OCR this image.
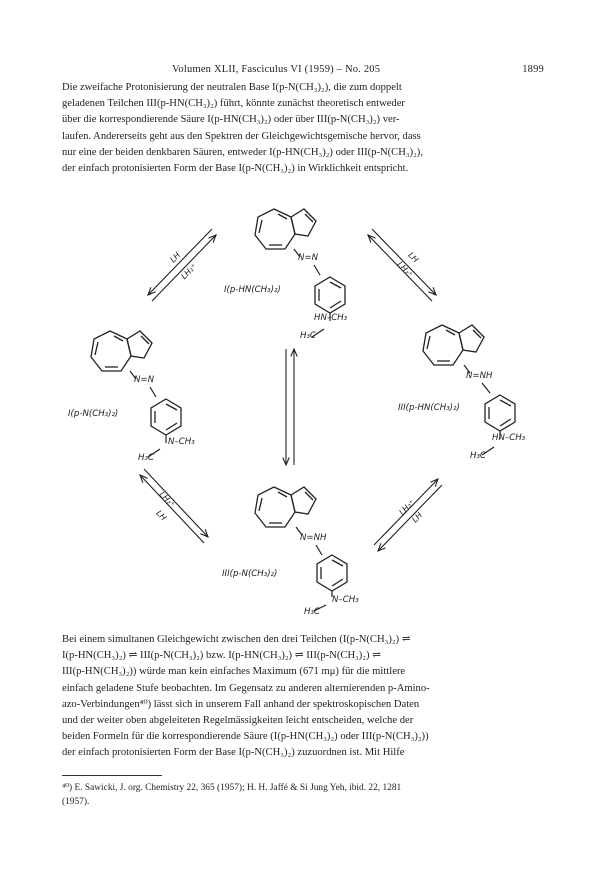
Volumen XLII, Fasciculus VI (1959) – No. 205	1899
Die zweifache Protonisierung der neutralen Base I(p-N(CH₃)₂), die zum doppelt
geladenen Teilchen III(p-HN(CH₃)₂) führt, könnte zunächst theoretisch entweder
über die korrespondierende Säure I(p-HN(CH₃)₂) oder über III(p-N(CH₃)₂) ver-
laufen. Andererseits geht aus den Spektren der Gleichgewichtsgemische hervor, dass
nur eine der beiden denkbaren Säuren, entweder I(p-HN(CH₃)₂) oder III(p-N(CH₃)₂),
der einfach protonisierten Form der Base I(p-N(CH₃)₂) in Wirklichkeit entspricht.
N=N
HN–CH₃
H₃C
I(p-HN(CH₃)₂)
N=N
N–CH₃
H₃C
I(p-N(CH₃)₂)
N=NH
HN–CH₃
H₃C
III(p-HN(CH₃)₂)
N=NH
N–CH₃
H₃C
III(p-N(CH₃)₂)
LH
LH₂⁺
LH
LH₂⁺
LH₂⁺
LH	LH₂⁺
LH
Bei einem simultanen Gleichgewicht zwischen den drei Teilchen (I(p-N(CH₃)₂) ⇌
I(p-HN(CH₃)₂) ⇌ III(p-N(CH₃)₂) bzw. I(p-HN(CH₃)₂) ⇌ III(p-N(CH₃)₂) ⇌
III(p-HN(CH₃)₂)) würde man kein einfaches Maximum (671 mμ) für die mittlere
einfach geladene Stufe beobachten. Im Gegensatz zu anderen alternierenden p-Amino-
azo-Verbindungen⁴⁰) lässt sich in unserem Fall anhand der spektroskopischen Daten
und der weiter oben abgeleiteten Regelmässigkeiten leicht entscheiden, welche der
beiden Formeln für die korrespondierende Säure (I(p-HN(CH₃)₂) oder III(p-N(CH₃)₂))
der einfach protonisierten Form der Base I(p-N(CH₃)₂) zuzuordnen ist. Mit Hilfe
⁴⁰) E. Sawicki, J. org. Chemistry 22, 365 (1957); H. H. Jaffé & Si Jung Yeh, ibid. 22, 1281
(1957).
